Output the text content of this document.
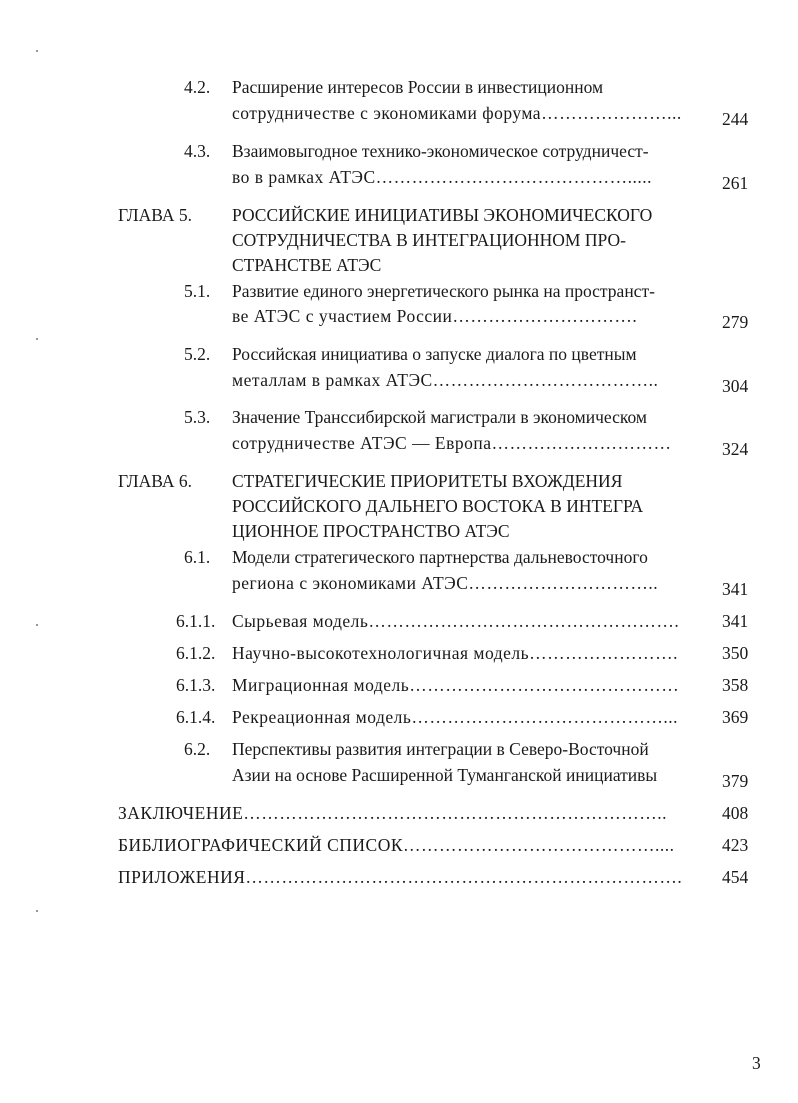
4.2. Расширение интересов России в инвестиционном
сотрудничестве с экономиками форума…………………... 244
4.3. Взаимовыгодное технико-экономическое сотрудничест-
во в рамках АТЭС…………………………………….....	261
ГЛАВА 5. РОССИЙСКИЕ ИНИЦИАТИВЫ ЭКОНОМИЧЕСКОГО
СОТРУДНИЧЕСТВА В ИНТЕГРАЦИОННОМ ПРО-
СТРАНСТВЕ АТЭС
5.1. Развитие единого энергетического рынка на пространст-
ве АТЭС с участием России………………………….	279
5.2. Российская инициатива о запуске диалога по цветным
металлам в рамках АТЭС………………………………..	304
5.3. Значение Транссибирской магистрали в экономическом
сотрудничестве АТЭС — Европа…………………………	324
ГЛАВА 6. СТРАТЕГИЧЕСКИЕ ПРИОРИТЕТЫ ВХОЖДЕНИЯ
РОССИЙСКОГО ДАЛЬНЕГО ВОСТОКА В ИНТЕГРА
ЦИОННОЕ ПРОСТРАНСТВО АТЭС
6.1. Модели стратегического партнерства дальневосточного
региона с экономиками АТЭС…………………………..	341
6.1.1. Сырьевая модель……………………………………………. 341
6.1.2. Научно-высокотехнологичная модель…………………….	350
6.1.3. Миграционная модель……………………………………… 358
6.1.4. Рекреационная модель……………………………………...	369
6.2. Перспективы развития интеграции в Северо-Восточной
Азии на основе Расширенной Туманганской инициативы	379
ЗАКЛЮЧЕНИЕ……………………………………………………………..	408
БИБЛИОГРАФИЧЕСКИЙ СПИСОК……………………………………....	423
ПРИЛОЖЕНИЯ………………………………………………………………. 454
3
